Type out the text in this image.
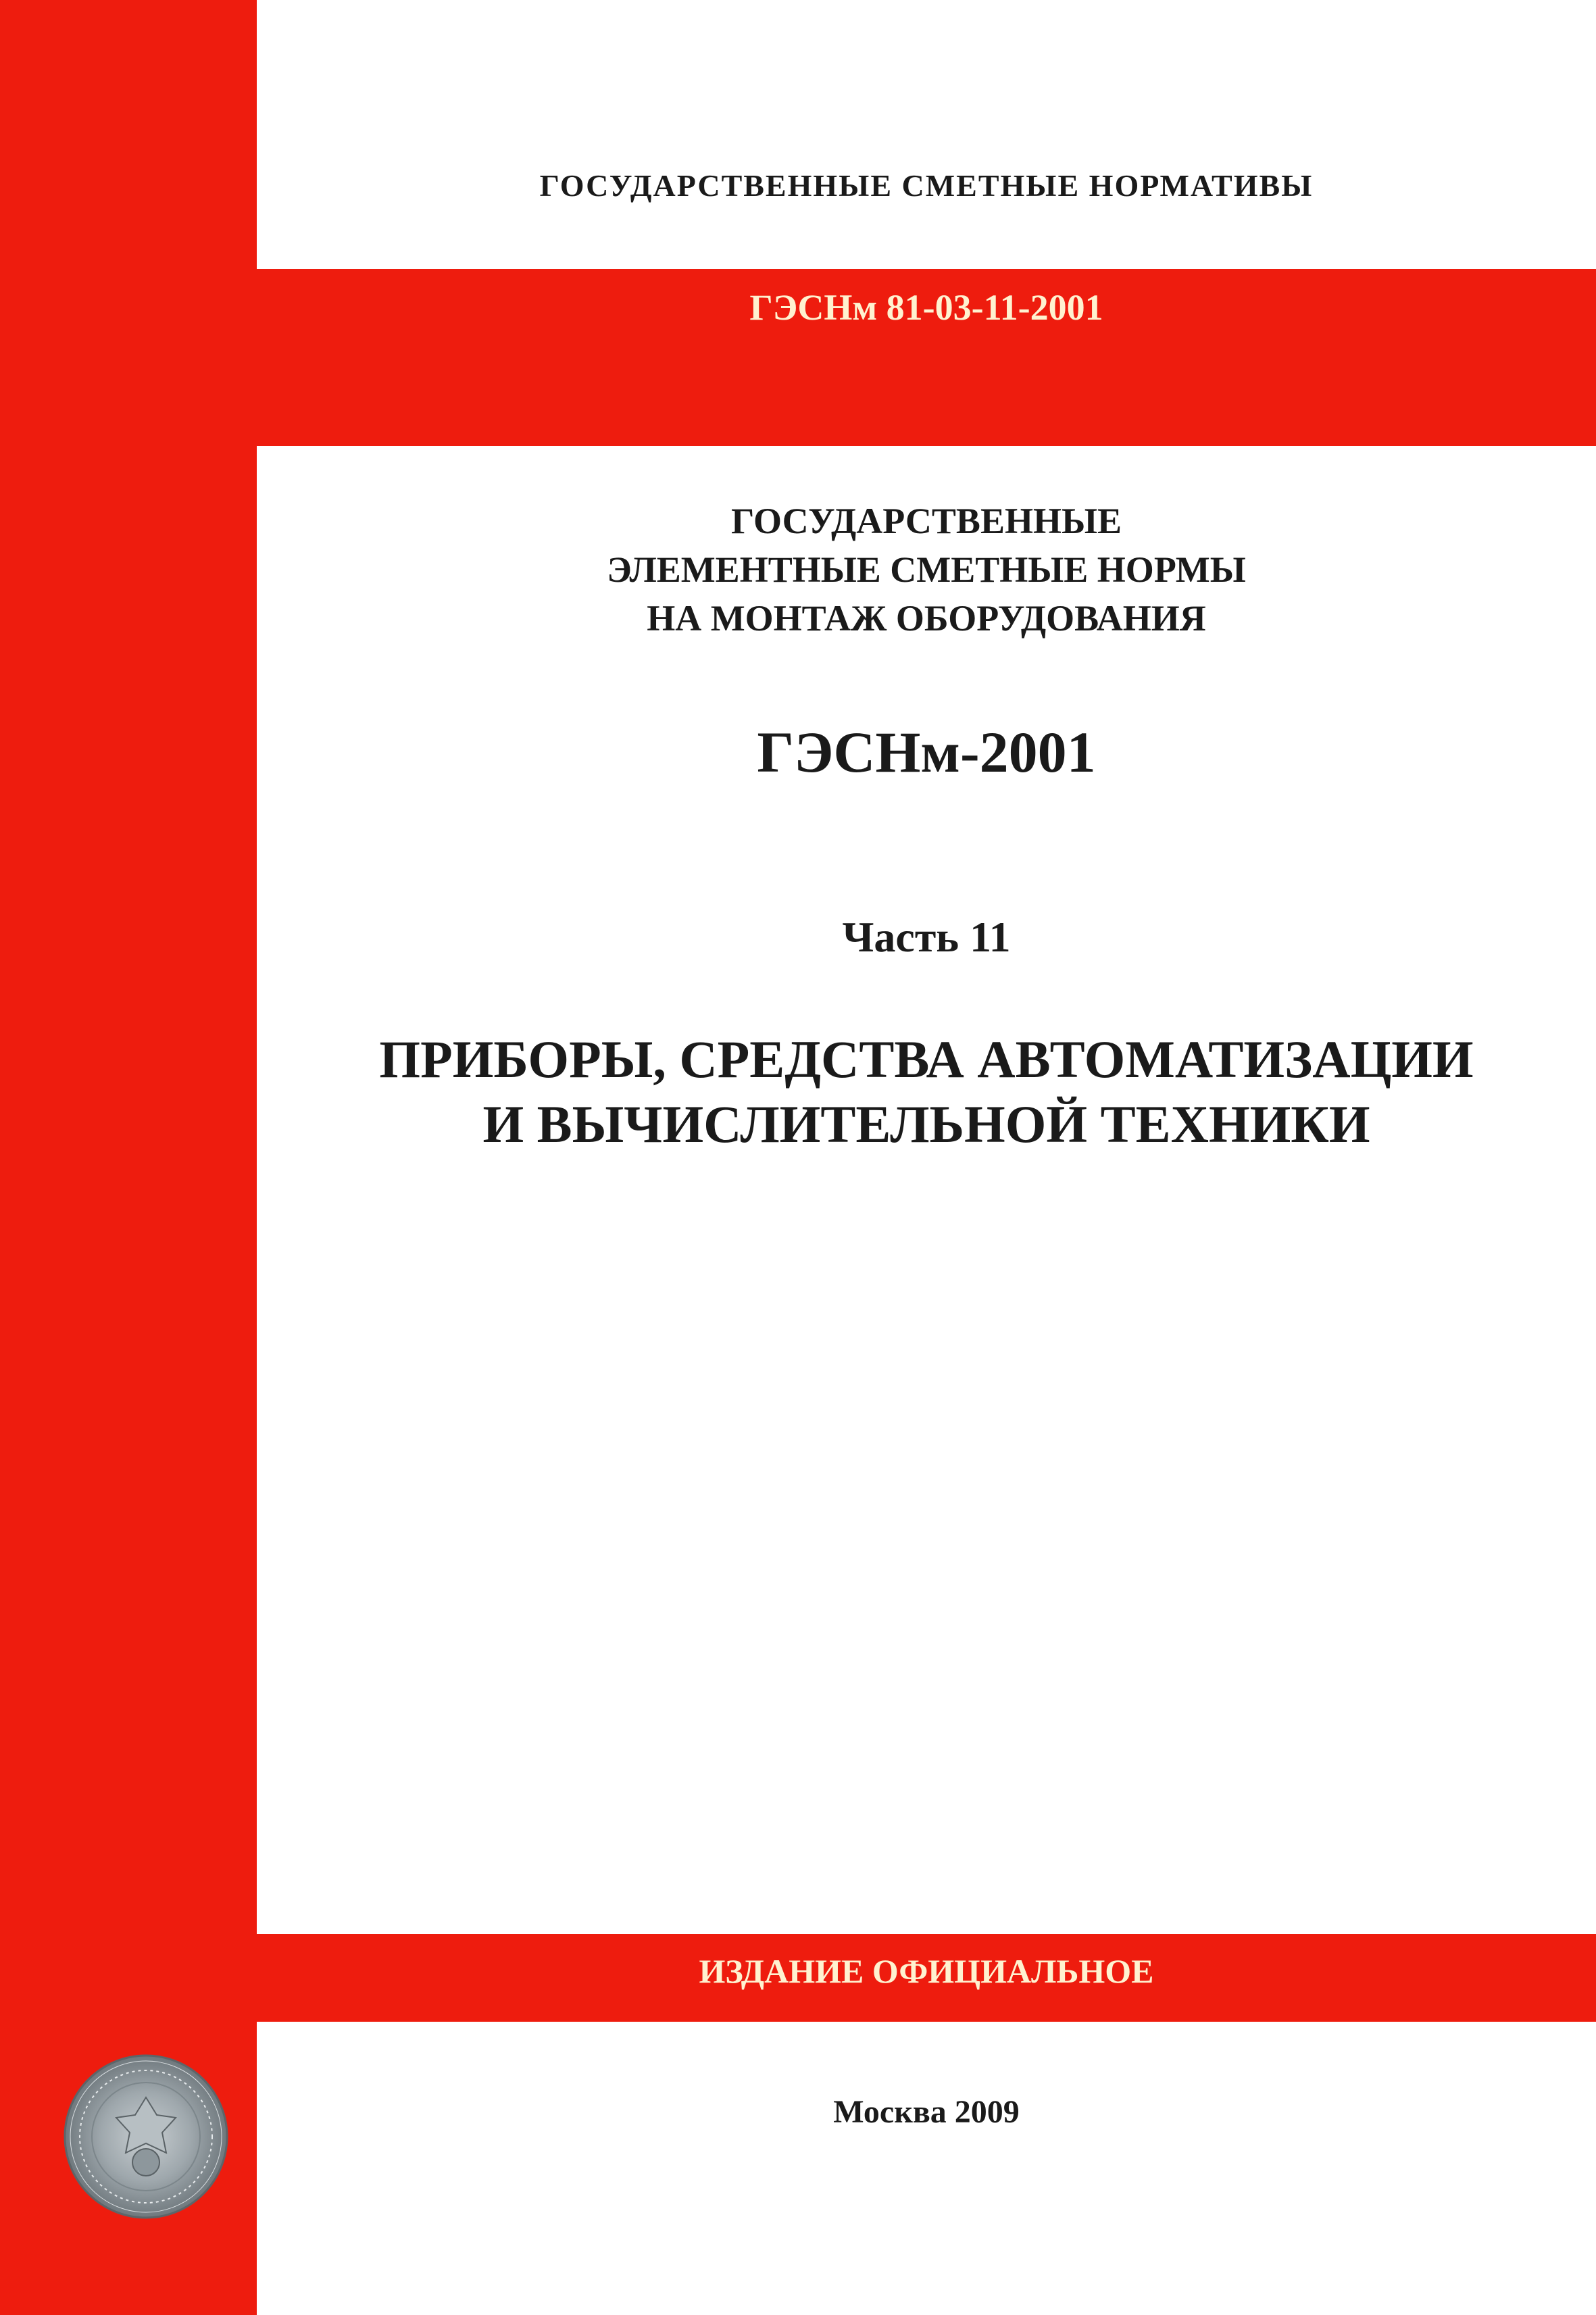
ГОСУДАРСТВЕННЫЕ СМЕТНЫЕ НОРМАТИВЫ
ГЭСНм 81-03-11-2001
ГОСУДАРСТВЕННЫЕ
ЭЛЕМЕНТНЫЕ СМЕТНЫЕ НОРМЫ
НА МОНТАЖ ОБОРУДОВАНИЯ
ГЭСНм-2001
Часть 11
ПРИБОРЫ, СРЕДСТВА АВТОМАТИЗАЦИИ
И ВЫЧИСЛИТЕЛЬНОЙ ТЕХНИКИ
ИЗДАНИЕ ОФИЦИАЛЬНОЕ
Москва 2009
